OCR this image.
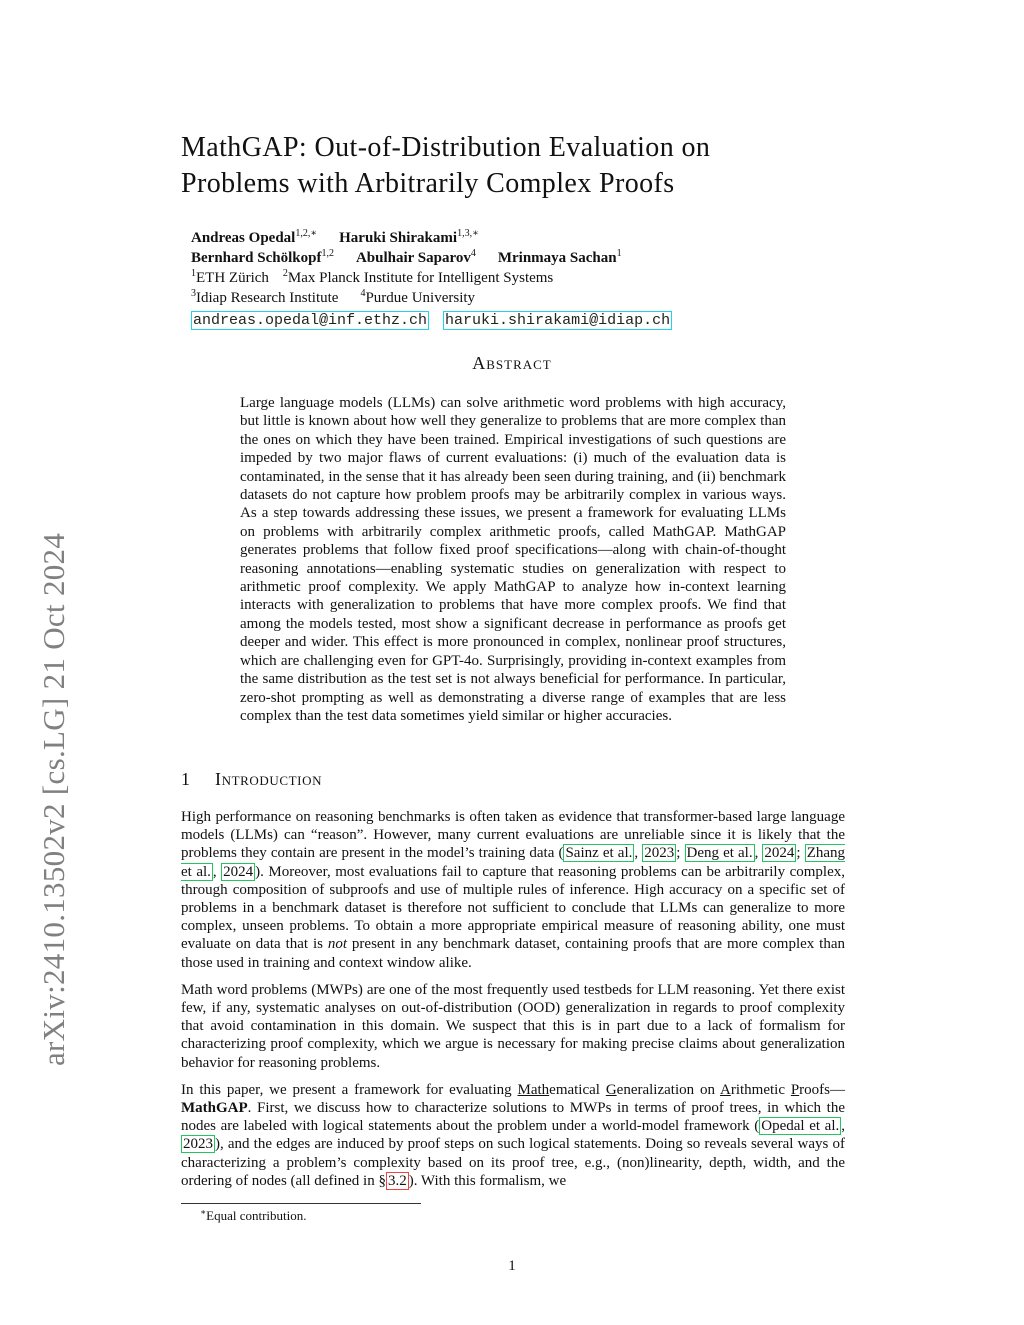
arXiv:2410.13502v2 [cs.LG] 21 Oct 2024
MathGAP: Out-of-Distribution Evaluation on
Problems with Arbitrarily Complex Proofs
Andreas Opedal$^{1,2,∗}$ Haruki Shirakami$^{1,3,∗}$
Bernhard Schölkopf$^{1,2}$ Abulhair Saparov$^4$ Mrinmaya Sachan$^1$
$^1$ETH Zürich $^2$Max Planck Institute for Intelligent Systems
$^3$Idiap Research Institute $^4$Purdue University
andreas.opedal@inf.ethz.ch haruki.shirakami@idiap.ch
Abstract
Large language models (LLMs) can solve arithmetic word problems with high accuracy, but little is known about how well they generalize to problems that are more complex than the ones on which they have been trained. Empirical investigations of such questions are impeded by two major flaws of current evaluations: (i) much of the evaluation data is contaminated, in the sense that it has already been seen during training, and (ii) benchmark datasets do not capture how problem proofs may be arbitrarily complex in various ways. As a step towards addressing these issues, we present a framework for evaluating LLMs on problems with arbitrarily complex arithmetic proofs, called MathGAP. MathGAP generates problems that follow fixed proof specifications—along with chain-of-thought reasoning annotations—enabling systematic studies on generalization with respect to arithmetic proof complexity. We apply MathGAP to analyze how in-context learning interacts with generalization to problems that have more complex proofs. We find that among the models tested, most show a significant decrease in performance as proofs get deeper and wider. This effect is more pronounced in complex, nonlinear proof structures, which are challenging even for GPT-4o. Surprisingly, providing in-context examples from the same distribution as the test set is not always beneficial for performance. In particular, zero-shot prompting as well as demonstrating a diverse range of examples that are less complex than the test data sometimes yield similar or higher accuracies.
1 Introduction

High performance on reasoning benchmarks is often taken as evidence that transformer-based large language models (LLMs) can “reason”. However, many current evaluations are unreliable since it is likely that the problems they contain are present in the model’s training data ( Sainz et al. , 2023 ; Deng et al. , 2024 ; Zhang et al. , 2024 ). Moreover, most evaluations fail to capture that reasoning problems can be arbitrarily complex, through composition of subproofs and use of multiple rules of inference. High accuracy on a specific set of problems in a benchmark dataset is therefore not sufficient to conclude that LLMs can generalize to more complex, unseen problems. To obtain a more appropriate empirical measure of reasoning ability, one must evaluate on data that is not present in any benchmark dataset, containing proofs that are more complex than those used in training and context window alike.

Math word problems (MWPs) are one of the most frequently used testbeds for LLM reasoning. Yet there exist few, if any, systematic analyses on out-of-distribution (OOD) generalization in regards to proof complexity that avoid contamination in this domain. We suspect that this is in part due to a lack of formalism for characterizing proof complexity, which we argue is necessary for making precise claims about generalization behavior for reasoning problems.

In this paper, we present a framework for evaluating Mathematical Generalization on Arithmetic Proofs—MathGAP. First, we discuss how to characterize solutions to MWPs in terms of proof trees, in which the nodes are labeled with logical statements about the problem under a world-model framework ( Opedal et al. , 2023 ), and the edges are induced by proof steps on such logical statements. Doing so reveals several ways of characterizing a problem’s complexity based on its proof tree, e.g., (non)linearity, depth, width, and the ordering of nodes (all defined in § 3.2 ). With this formalism, we

∗Equal contribution.
1
